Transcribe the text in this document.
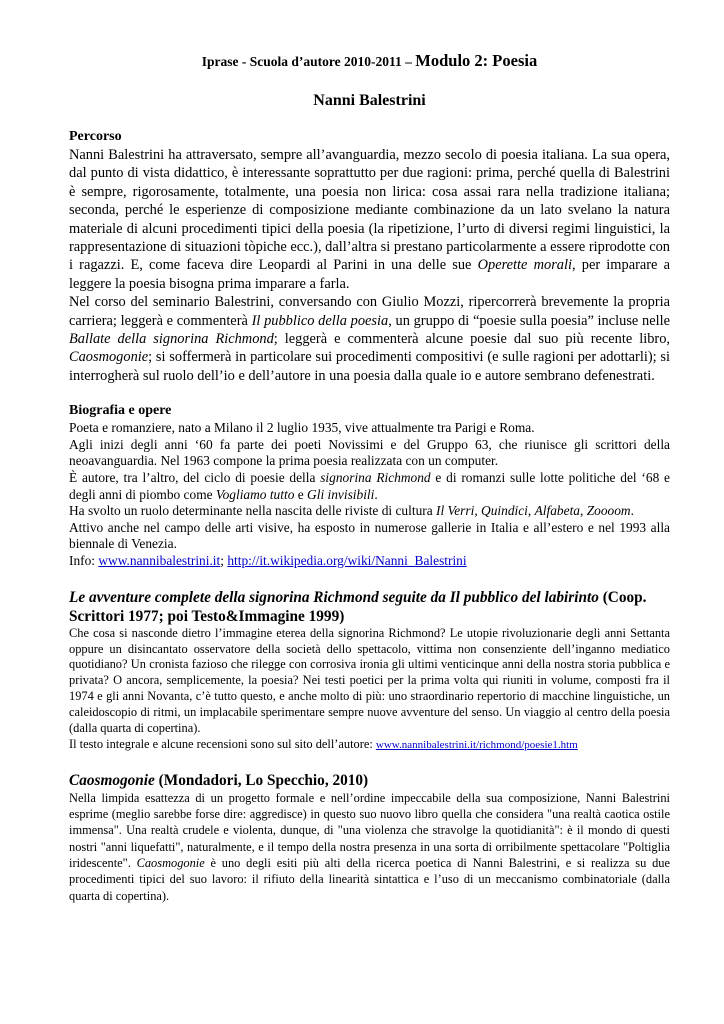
Iprase - Scuola d’autore 2010-2011 – Modulo 2: Poesia

Nanni Balestrini

Percorso

Nanni Balestrini ha attraversato, sempre all’avanguardia, mezzo secolo di poesia italiana. La sua opera, dal punto di vista didattico, è interessante soprattutto per due ragioni: prima, perché quella di Balestrini è sempre, rigorosamente, totalmente, una poesia non lirica: cosa assai rara nella tradizione italiana; seconda, perché le esperienze di composizione mediante combinazione da un lato svelano la natura materiale di alcuni procedimenti tipici della poesia (la ripetizione, l’urto di diversi regimi linguistici, la rappresentazione di situazioni tòpiche ecc.), dall’altra si prestano particolarmente a essere riprodotte con i ragazzi. E, come faceva dire Leopardi al Parini in una delle sue Operette morali, per imparare a leggere la poesia bisogna prima imparare a farla.

Nel corso del seminario Balestrini, conversando con Giulio Mozzi, ripercorrerà brevemente la propria carriera; leggerà e commenterà Il pubblico della poesia, un gruppo di “poesie sulla poesia” incluse nelle Ballate della signorina Richmond; leggerà e commenterà alcune poesie dal suo più recente libro, Caosmogonie; si soffermerà in particolare sui procedimenti compositivi (e sulle ragioni per adottarli); si interrogherà sul ruolo dell’io e dell’autore in una poesia dalla quale io e autore sembrano defenestrati.

Biografia e opere

Poeta e romanziere, nato a Milano il 2 luglio 1935, vive attualmente tra Parigi e Roma.

Agli inizi degli anni ‘60 fa parte dei poeti Novissimi e del Gruppo 63, che riunisce gli scrittori della neoavanguardia. Nel 1963 compone la prima poesia realizzata con un computer.

È autore, tra l’altro, del ciclo di poesie della signorina Richmond e di romanzi sulle lotte politiche del ‘68 e degli anni di piombo come Vogliamo tutto e Gli invisibili.

Ha svolto un ruolo determinante nella nascita delle riviste di cultura Il Verri, Quindici, Alfabeta, Zoooom.

Attivo anche nel campo delle arti visive, ha esposto in numerose gallerie in Italia e all’estero e nel 1993 alla biennale di Venezia.

Info: www.nannibalestrini.it; http://it.wikipedia.org/wiki/Nanni_Balestrini

Le avventure complete della signorina Richmond seguite da Il pubblico del labirinto (Coop. Scrittori 1977; poi Testo&Immagine 1999)

Che cosa si nasconde dietro l’immagine eterea della signorina Richmond? Le utopie rivoluzionarie degli anni Settanta oppure un disincantato osservatore della società dello spettacolo, vittima non consenziente dell’inganno mediatico quotidiano? Un cronista fazioso che rilegge con corrosiva ironia gli ultimi venticinque anni della nostra storia pubblica e privata? O ancora, semplicemente, la poesia? Nei testi poetici per la prima volta qui riuniti in volume, composti fra il 1974 e gli anni Novanta, c’è tutto questo, e anche molto di più: uno straordinario repertorio di macchine linguistiche, un caleidoscopio di ritmi, un implacabile sperimentare sempre nuove avventure del senso. Un viaggio al centro della poesia (dalla quarta di copertina).

Il testo integrale e alcune recensioni sono sul sito dell’autore: www.nannibalestrini.it/richmond/poesie1.htm

Caosmogonie (Mondadori, Lo Specchio, 2010)

Nella limpida esattezza di un progetto formale e nell’ordine impeccabile della sua composizione, Nanni Balestrini esprime (meglio sarebbe forse dire: aggredisce) in questo suo nuovo libro quella che considera "una realtà caotica ostile immensa". Una realtà crudele e violenta, dunque, di "una violenza che stravolge la quotidianità": è il mondo di questi nostri "anni liquefatti", naturalmente, e il tempo della nostra presenza in una sorta di orribilmente spettacolare "Poltiglia iridescente". Caosmogonie è uno degli esiti più alti della ricerca poetica di Nanni Balestrini, e si realizza su due procedimenti tipici del suo lavoro: il rifiuto della linearità sintattica e l’uso di un meccanismo combinatoriale (dalla quarta di copertina).
